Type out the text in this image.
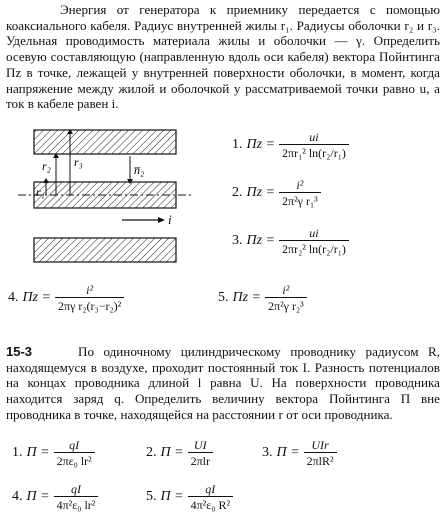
Энергия от генератора к приемнику передается с помощью коаксиального кабеля. Радиус внутренней жилы r₁. Радиусы оболочки r₂ и r₃. Удельная проводимость материала жилы и оболочки — γ. Определить осевую составляющую (направленную вдоль оси кабеля) вектора Пойнтинга Πz в точке, лежащей у внутренней поверхности оболочки, в момент, когда напряжение между жилой и оболочкой у рассматриваемой точки равно u, а ток в кабеле равен i.

r₁
r₂ r₃
n̅₂
i
1. $\Pi z = \frac{ui}{\text{2πr₁² ln(r₂/r₁)}}$
2. $\Pi z = \frac{\text{i²}}{\text{2π²γ r₁³}}$
3. $\Pi z = \frac{ui}{\text{2πr₂² ln(r₂/r₁)}}$
4. $\Pi z = \frac{\text{i²}}{\text{2πγ r₂(r₃−r₂)²}}$	5. $\Pi z = \frac{\text{i²}}{\text{2π²γ r₂³}}$

15-3	По одиночному цилиндрическому проводнику радиусом R, находящемуся в воздухе, проходит постоянный ток I. Разность потенциалов на концах проводника длиной l равна U. На поверхности проводника находится заряд q. Определить величину вектора Пойнтинга Π вне проводника в точке, находящейся на расстоянии r от оси проводника.

1. $\Pi = \frac{qI}{\text{2πε₀ lr²}}$	2. $\Pi = \frac{UI}{\text{2πlr}}$	3. $\Pi = \frac{\text{UIr}}{\text{2πlR²}}$
4. $\Pi = \frac{qI}{\text{4π²ε₀ lr²}}$	5. $\Pi = \frac{qI}{\text{4π²ε₀ R²}}$
